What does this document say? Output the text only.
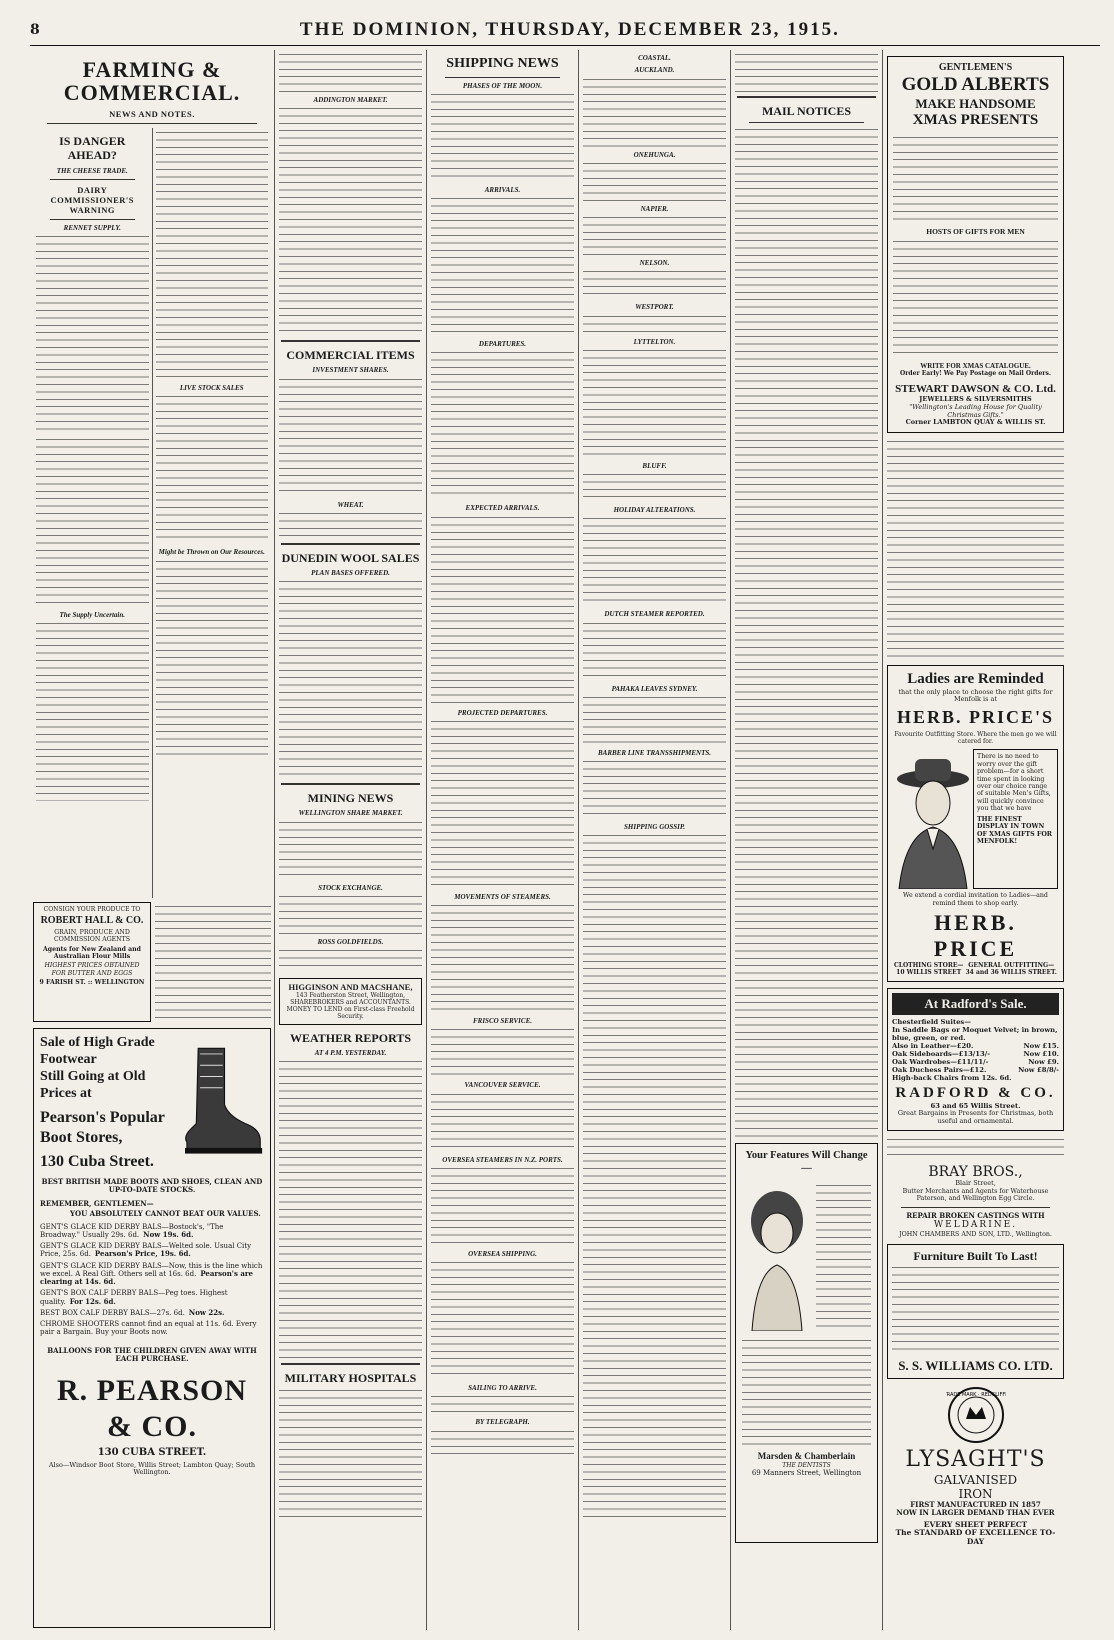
8	THE DOMINION, THURSDAY, DECEMBER 23, 1915.
FARMING & COMMERCIAL.
NEWS AND NOTES.
IS DANGER AHEAD?
THE CHEESE TRADE.
DAIRY COMMISSIONER'S WARNING
RENNET SUPPLY.
The Supply Uncertain.
LIVE STOCK SALES
Might be Thrown on Our Resources.
CONSIGN YOUR PRODUCE TO
ROBERT HALL & CO.
GRAIN, PRODUCE AND COMMISSION AGENTS
Agents for New Zealand and Australian Flour Mills
HIGHEST PRICES OBTAINED FOR BUTTER AND EGGS
9 FARISH ST. :: WELLINGTON
Sale of High Grade Footwear
Still Going at Old Prices at
Pearson's Popular Boot Stores,
130 Cuba Street.
BEST BRITISH MADE BOOTS AND SHOES, CLEAN AND UP-TO-DATE STOCKS.
REMEMBER, GENTLEMEN—
YOU ABSOLUTELY CANNOT BEAT OUR VALUES.
GENT'S GLACE KID DERBY BALS—Bostock's, "The Broadway." Usually 29s. 6d. Now 19s. 6d.
GENT'S GLACE KID DERBY BALS—Welted sole. Usual City Price, 25s. 6d. Pearson's Price, 19s. 6d.
GENT'S GLACE KID DERBY BALS—Now, this is the line which we excel. A Real Gift. Others sell at 16s. 6d. Pearson's are clearing at 14s. 6d.
GENT'S BOX CALF DERBY BALS—Peg toes. Highest quality. For 12s. 6d.
BEST BOX CALF DERBY BALS—27s. 6d. Now 22s.
CHROME SHOOTERS cannot find an equal at 11s. 6d. Every pair a Bargain. Buy your Boots now.
BALLOONS FOR THE CHILDREN GIVEN AWAY WITH EACH PURCHASE.
R. PEARSON & CO.
130 CUBA STREET.
Also—Windsor Boot Store, Willis Street; Lambton Quay; South Wellington.
ADDINGTON MARKET.
COMMERCIAL ITEMS
INVESTMENT SHARES.
WHEAT.
DUNEDIN WOOL SALES
PLAN BASES OFFERED.
MINING NEWS
WELLINGTON SHARE MARKET.
STOCK EXCHANGE.
ROSS GOLDFIELDS.
HIGGINSON AND MACSHANE,
143 Featherston Street, Wellington, SHAREBROKERS and ACCOUNTANTS. MONEY TO LEND on First-class Freehold Security.
WEATHER REPORTS
AT 4 P.M. YESTERDAY.
MILITARY HOSPITALS
SHIPPING NEWS
PHASES OF THE MOON.
ARRIVALS.
DEPARTURES.
EXPECTED ARRIVALS.
PROJECTED DEPARTURES.
MOVEMENTS OF STEAMERS.
FRISCO SERVICE.
VANCOUVER SERVICE.
OVERSEA STEAMERS IN N.Z. PORTS.
OVERSEA SHIPPING.
SAILING TO ARRIVE.
BY TELEGRAPH.
COASTAL.
AUCKLAND.
ONEHUNGA.
NAPIER.
NELSON.
WESTPORT.
LYTTELTON.
BLUFF.
HOLIDAY ALTERATIONS.
DUTCH STEAMER REPORTED.
PAHAKA LEAVES SYDNEY.
BARBER LINE TRANSSHIPMENTS.
SHIPPING GOSSIP.
MAIL NOTICES
Your Features Will Change—
Marsden & Chamberlain
THE DENTISTS
69 Manners Street, Wellington
GENTLEMEN'S
GOLD ALBERTS
MAKE HANDSOME
XMAS PRESENTS
HOSTS OF GIFTS FOR MEN
WRITE FOR XMAS CATALOGUE.
Order Early! We Pay Postage on Mail Orders.
STEWART DAWSON & CO. Ltd.
JEWELLERS & SILVERSMITHS
"Wellington's Leading House for Quality Christmas Gifts."
Corner LAMBTON QUAY & WILLIS ST.
Ladies are Reminded
that the only place to choose the right gifts for Menfolk is at
HERB. PRICE'S
Favourite Outfitting Store. Where the men go we will catered for.
There is no need to worry over the gift problem—for a short time spent in looking over our choice range of suitable Men's Gifts, will quickly convince you that we have
THE FINEST DISPLAY IN TOWN OF XMAS GIFTS FOR MENFOLK!
We extend a cordial invitation to Ladies—and remind them to shop early.
HERB. PRICE
CLOTHING STORE— 10 WILLIS STREET
GENERAL OUTFITTING— 34 and 36 WILLIS STREET.
At Radford's Sale.
Chesterfield Suites—
In Saddle Bags or Moquet Velvet; in brown, blue, green, or red.
Also in Leather—£20.	Now £15.
Oak Sideboards—£13/13/-	Now £10.
Oak Wardrobes—£11/11/-	Now £9.
Oak Duchess Pairs—£12.	Now £8/8/-
High-back Chairs from 12s. 6d.
RADFORD & CO.
63 and 65 Willis Street.
Great Bargains in Presents for Christmas, both useful and ornamental.
BRAY BROS.,
Blair Street,
Butter Merchants and Agents for Waterhouse Paterson, and Wellington Egg Circle.
REPAIR BROKEN CASTINGS WITH
WELDARINE.
JOHN CHAMBERS AND SON, LTD., Wellington.
Furniture Built To Last!
S. S. WILLIAMS CO. LTD.
TRADE MARK · REDCLIFFE
LYSAGHT'S
GALVANISED
IRON
FIRST MANUFACTURED IN 1857
NOW IN LARGER DEMAND THAN EVER
EVERY SHEET PERFECT
The STANDARD OF EXCELLENCE TO-DAY
